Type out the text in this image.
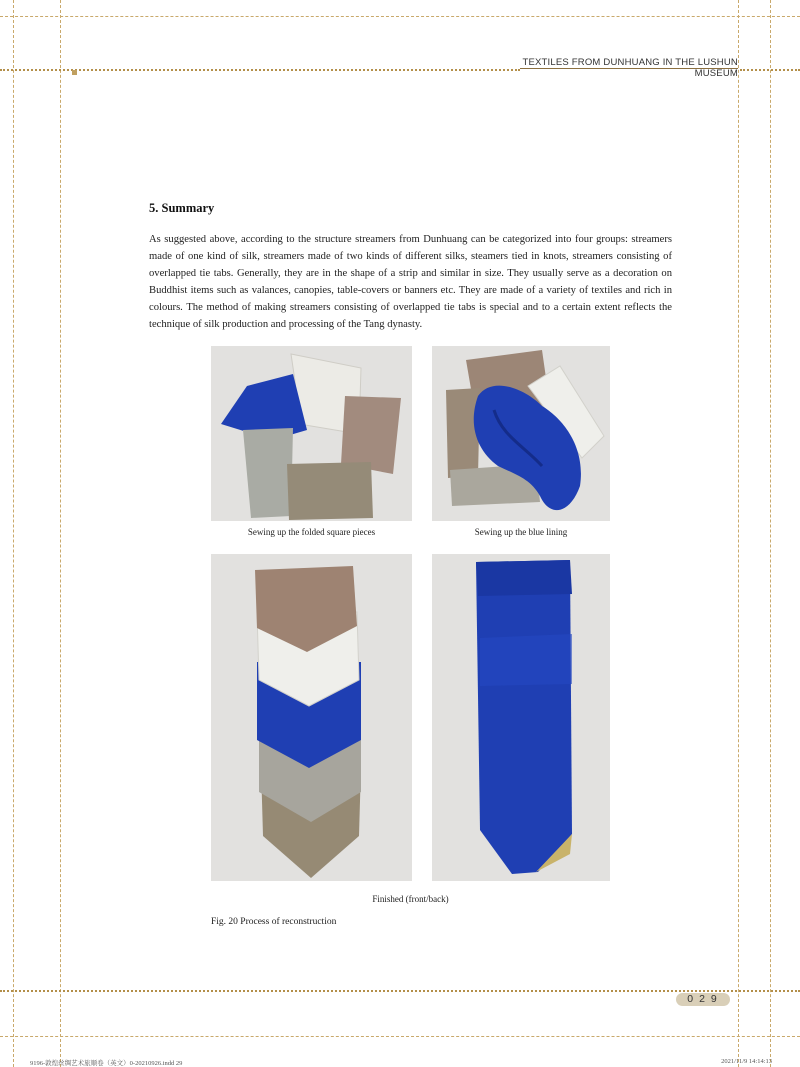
TEXTILES FROM DUNHUANG IN THE LUSHUN MUSEUM
5. Summary

As suggested above, according to the structure streamers from Dunhuang can be categorized into four groups: streamers made of one kind of silk, streamers made of two kinds of different silks, steamers tied in knots, streamers consisting of overlapped tie tabs. Generally, they are in the shape of a strip and similar in size. They usually serve as a decoration on Buddhist items such as valances, canopies, table-covers or banners etc. They are made of a variety of textiles and rich in colours. The method of making streamers consisting of overlapped tie tabs is special and to a certain extent reflects the technique of silk production and processing of the Tang dynasty.

Sewing up the folded square pieces	Sewing up the blue lining
Finished (front/back)
Fig. 20 Process of reconstruction
029
9196-敦煌丝绸艺术旅顺卷（英文）0-20210926.indd 29	2021/11/9 14:14:13
